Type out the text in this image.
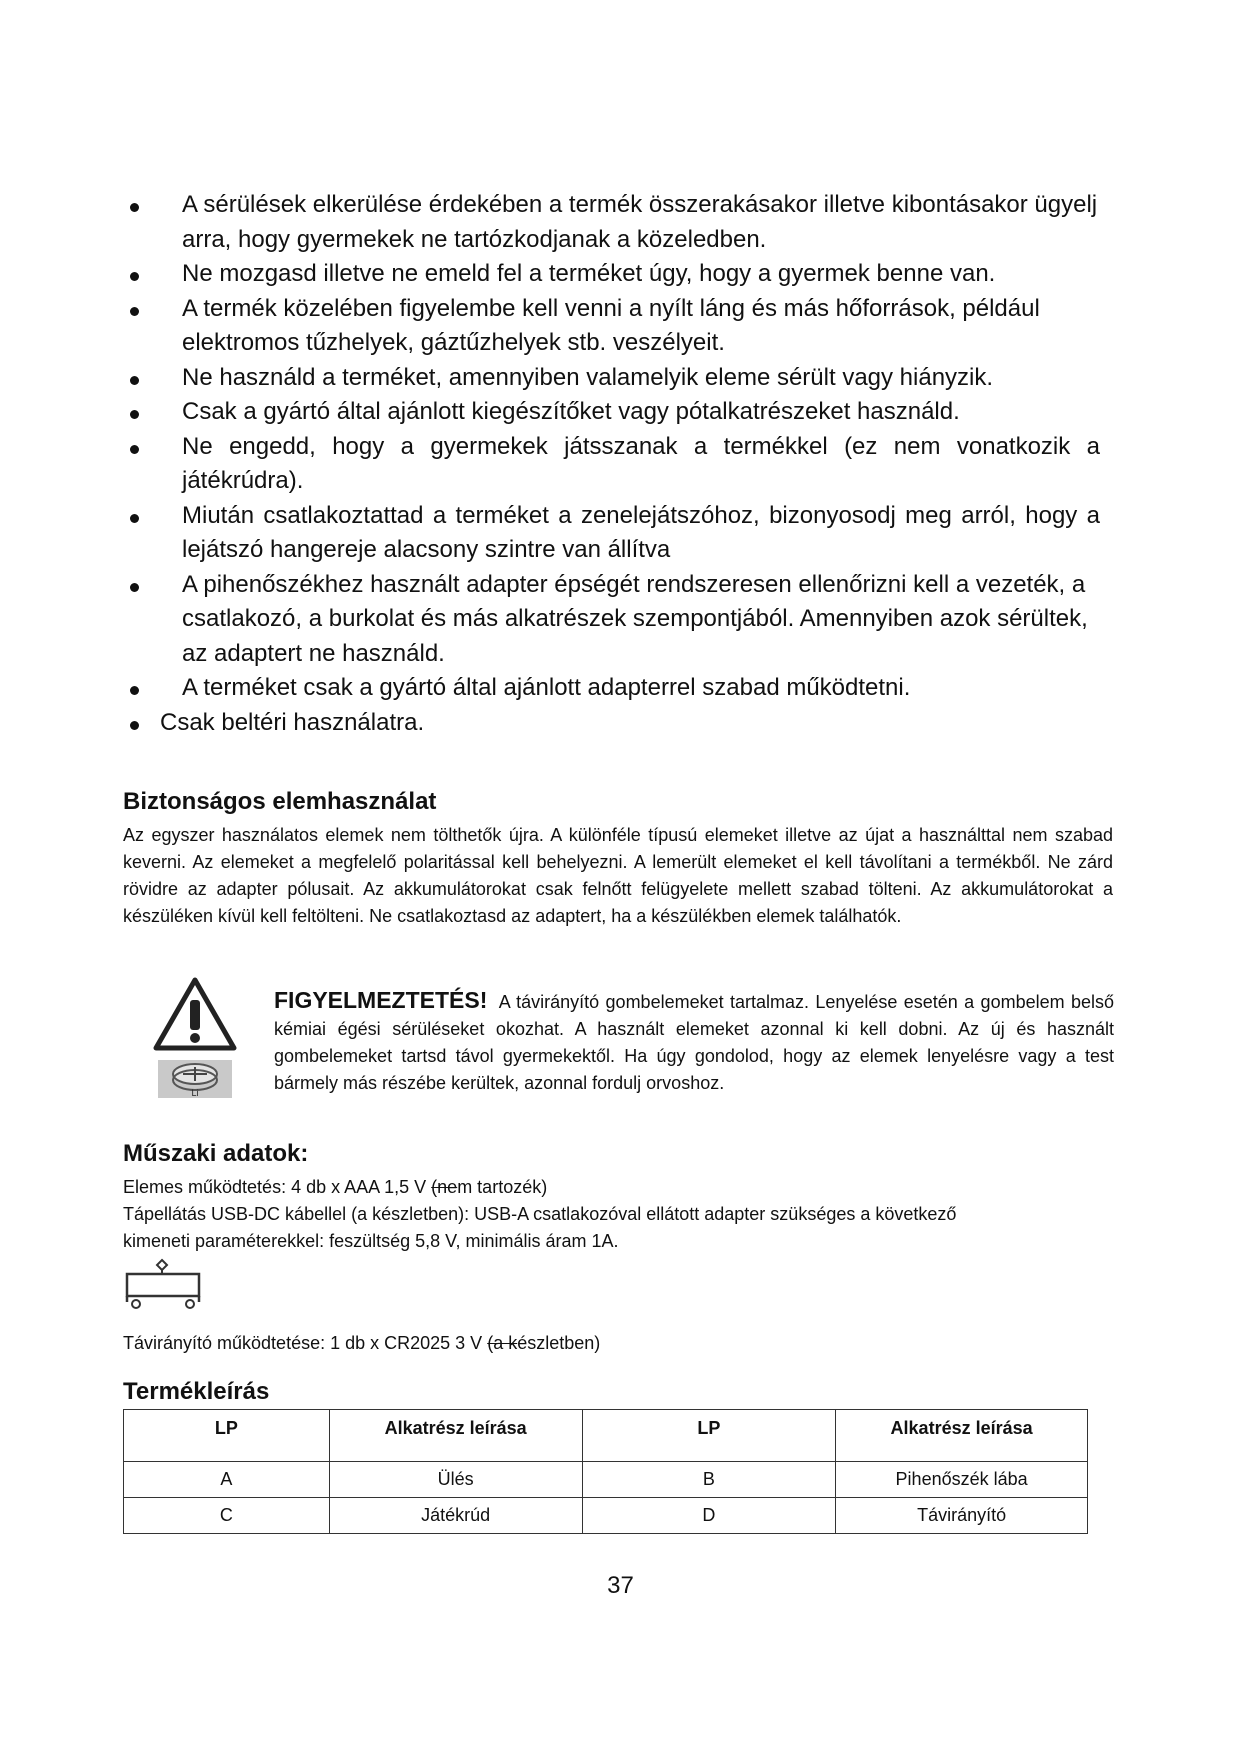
A sérülések elkerülése érdekében a termék összerakásakor illetve kibontásakor ügyelj arra, hogy gyermekek ne tartózkodjanak a közeledben.
Ne mozgasd illetve ne emeld fel a terméket úgy, hogy a gyermek benne van.
A termék közelében figyelembe kell venni a nyílt láng és más hőforrások, például elektromos tűzhelyek, gáztűzhelyek stb. veszélyeit.
Ne használd a terméket, amennyiben valamelyik eleme sérült vagy hiányzik.
Csak a gyártó által ajánlott kiegészítőket vagy pótalkatrészeket használd.
Ne engedd, hogy a gyermekek játsszanak a termékkel (ez nem vonatkozik a játékrúdra).
Miután csatlakoztattad a terméket a zenelejátszóhoz, bizonyosodj meg arról, hogy a lejátszó hangereje alacsony szintre van állítva
A pihenőszékhez használt adapter épségét rendszeresen ellenőrizni kell a vezeték, a csatlakozó, a burkolat és más alkatrészek szempontjából. Amennyiben azok sérültek, az adaptert ne használd.
A terméket csak a gyártó által ajánlott adapterrel szabad működtetni.
Csak beltéri használatra.
Biztonságos elemhasználat
Az egyszer használatos elemek nem tölthetők újra. A különféle típusú elemeket illetve az újat a használttal nem szabad keverni. Az elemeket a megfelelő polaritással kell behelyezni. A lemerült elemeket el kell távolítani a termékből. Ne zárd rövidre az adapter pólusait. Az akkumulátorokat csak felnőtt felügyelete mellett szabad tölteni. Az akkumulátorokat a készüléken kívül kell feltölteni. Ne csatlakoztasd az adaptert, ha a készülékben elemek találhatók.
Li
FIGYELMEZTETÉS! A távirányító gombelemeket tartalmaz. Lenyelése esetén a gombelem belső kémiai égési sérüléseket okozhat. A használt elemeket azonnal ki kell dobni. Az új és használt gombelemeket tartsd távol gyermekektől. Ha úgy gondolod, hogy az elemek lenyelésre vagy a test bármely más részébe kerültek, azonnal fordulj orvoshoz.
Műszaki adatok:
Elemes működtetés: 4 db x AAA 1,5 V (nem tartozék)
Tápellátás USB-DC kábellel (a készletben): USB-A csatlakozóval ellátott adapter szükséges a következő
kimeneti paraméterekkel: feszültség 5,8 V, minimális áram 1A.
Távirányító működtetése: 1 db x CR2025 3 V (a készletben)
Termékleírás
LP	Alkatrész leírása	LP	Alkatrész leírása
A	Ülés	B	Pihenőszék lába
C	Játékrúd	D	Távirányító
37
